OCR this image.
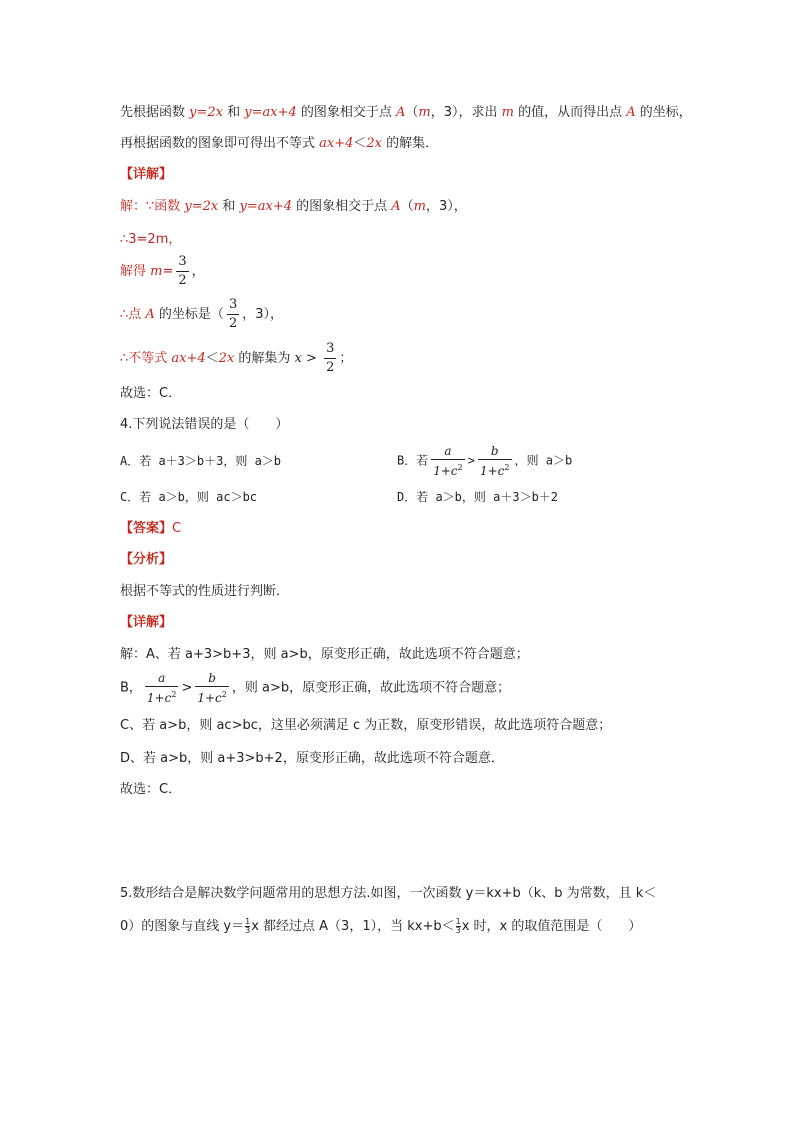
先根据函数 y=2x 和 y=ax+4 的图象相交于点 A（m，3），求出 m 的值，从而得出点 A 的坐标，
再根据函数的图象即可得出不等式 ax+4＜2x 的解集．
【详解】
解：∵函数 y=2x 和 y=ax+4 的图象相交于点 A（m，3），
∴3=2m，
解得 $m= \frac{3}{2}$ ，
∴点 A 的坐标是（ $\frac{3}{2}$ ，3），
∴不等式 ax+4＜2x 的解集为 $x > \frac{3}{2}$ ；
故选：C．
4.下列说法错误的是（　　）
A．若 a＋3＞b＋3，则 a＞b	B．若 $\frac{a}{1+c^2} > \frac{b}{1+c^2}$ ，则 a＞b
C．若 a＞b，则 ac＞bc	D．若 a＞b，则 a＋3＞b＋2
【答案】C
【分析】
根据不等式的性质进行判断．
【详解】
解：A、若 a+3>b+3，则 a>b，原变形正确，故此选项不符合题意；
B， $\frac{a}{1+c^2} > \frac{b}{1+c^2}$ ，则 a>b，原变形正确，故此选项不符合题意；
C、若 a>b，则 ac>bc，这里必须满足 c 为正数，原变形错误，故此选项符合题意；
D、若 a>b，则 a+3>b+2，原变形正确，故此选项不符合题意．
故选：C．
5.数形结合是解决数学问题常用的思想方法.如图，一次函数 y＝kx+b（k、b 为常数，且 k＜
0）的图象与直线 $y= \frac{1}{3}$ x 都经过点 A（3，1），当 $kx+b< \frac{1}{3}$ x 时，x 的取值范围是（　　）
